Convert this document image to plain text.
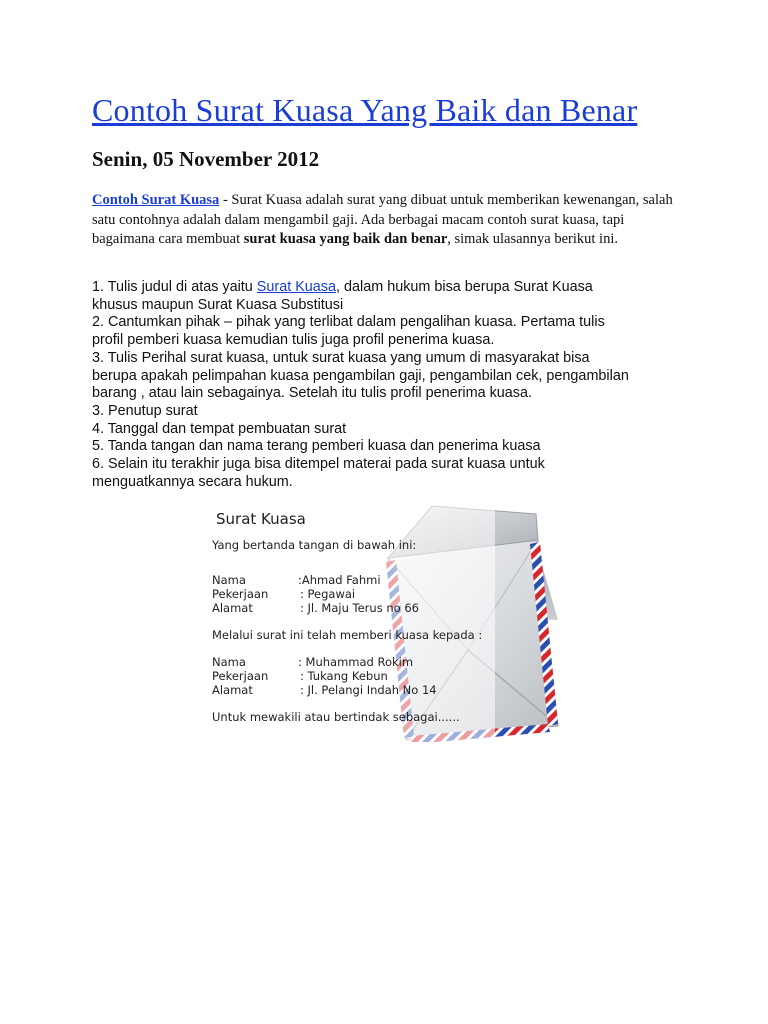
Contoh Surat Kuasa Yang Baik dan Benar
Senin, 05 November 2012

Contoh Surat Kuasa - Surat Kuasa adalah surat yang dibuat untuk memberikan kewenangan, salah satu contohnya adalah dalam mengambil gaji. Ada berbagai macam contoh surat kuasa, tapi bagaimana cara membuat surat kuasa yang baik dan benar, simak ulasannya berikut ini.

1. Tulis judul di atas yaitu Surat Kuasa, dalam hukum bisa berupa Surat Kuasa
khusus maupun Surat Kuasa Substitusi
2. Cantumkan pihak – pihak yang terlibat dalam pengalihan kuasa. Pertama tulis
profil pemberi kuasa kemudian tulis juga profil penerima kuasa.
3. Tulis Perihal surat kuasa, untuk surat kuasa yang umum di masyarakat bisa
berupa apakah pelimpahan kuasa pengambilan gaji, pengambilan cek, pengambilan
barang , atau lain sebagainya. Setelah itu tulis profil penerima kuasa.
3. Penutup surat
4. Tanggal dan tempat pembuatan surat
5. Tanda tangan dan nama terang pemberi kuasa dan penerima kuasa
6. Selain itu terakhir juga bisa ditempel materai pada surat kuasa untuk
menguatkannya secara hukum.
Surat Kuasa
Yang bertanda tangan di bawah ini:
Nama	:Ahmad Fahmi
Pekerjaan	: Pegawai
Alamat	: Jl. Maju Terus no 66
Melalui surat ini telah memberi kuasa kepada :
Nama	: Muhammad Rokim
Pekerjaan	: Tukang Kebun
Alamat	: Jl. Pelangi Indah No 14
Untuk mewakili atau bertindak sebagai......
